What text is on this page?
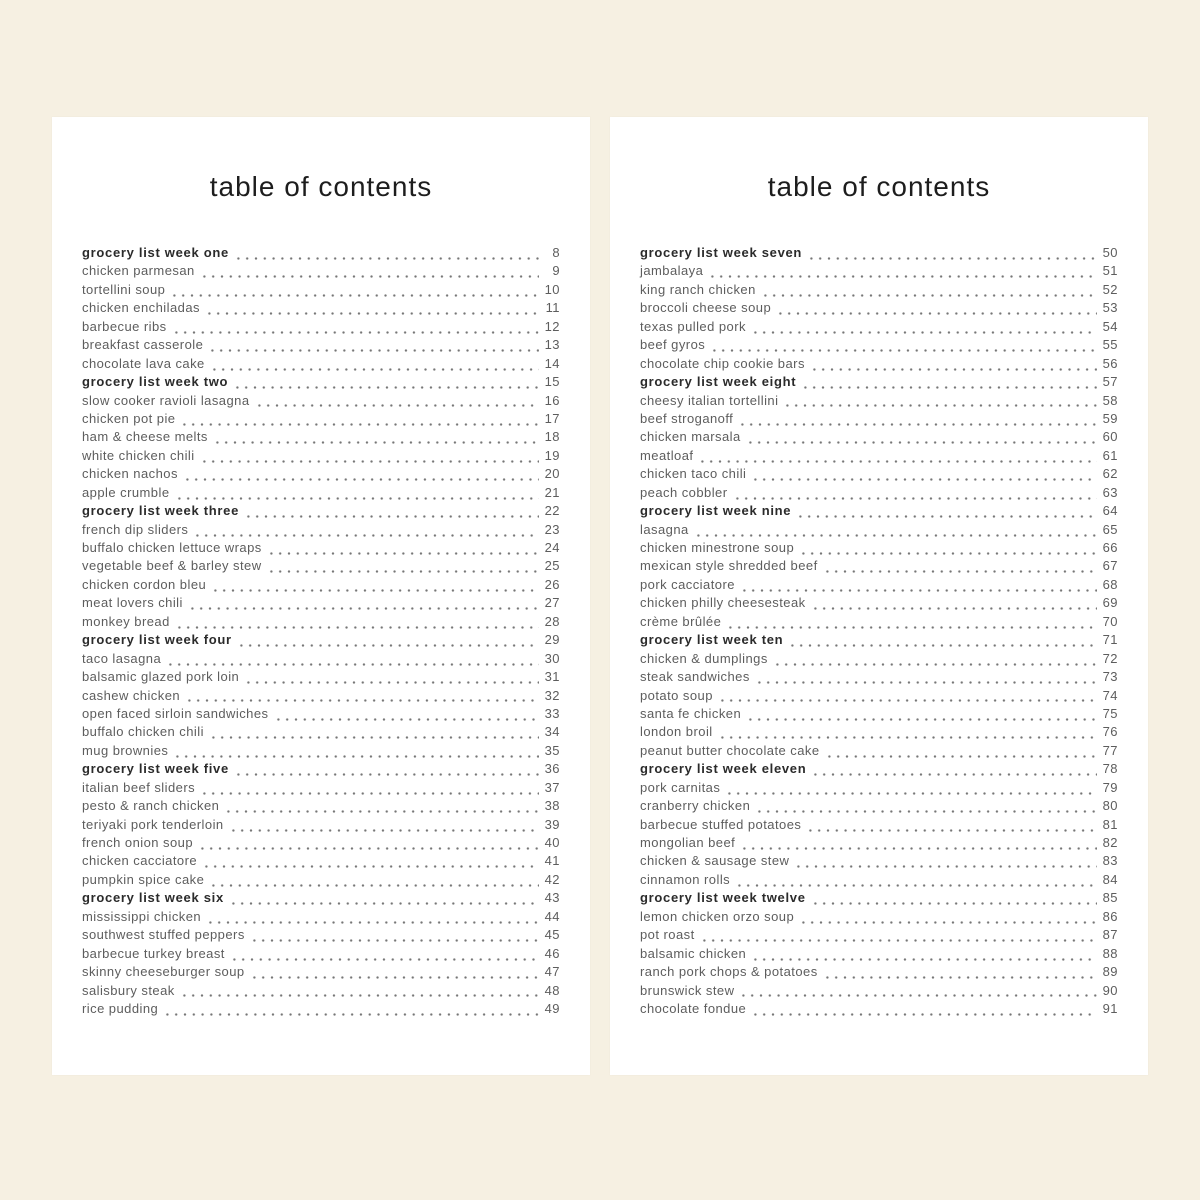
table of contents
grocery list week one	8
chicken parmesan	9
tortellini soup	10
chicken enchiladas	11
barbecue ribs	12
breakfast casserole	13
chocolate lava cake	14
grocery list week two	15
slow cooker ravioli lasagna	16
chicken pot pie	17
ham & cheese melts	18
white chicken chili	19
chicken nachos	20
apple crumble	21
grocery list week three	22
french dip sliders	23
buffalo chicken lettuce wraps	24
vegetable beef & barley stew	25
chicken cordon bleu	26
meat lovers chili	27
monkey bread	28
grocery list week four	29
taco lasagna	30
balsamic glazed pork loin	31
cashew chicken	32
open faced sirloin sandwiches	33
buffalo chicken chili	34
mug brownies	35
grocery list week five	36
italian beef sliders	37
pesto & ranch chicken	38
teriyaki pork tenderloin	39
french onion soup	40
chicken cacciatore	41
pumpkin spice cake	42
grocery list week six	43
mississippi chicken	44
southwest stuffed peppers	45
barbecue turkey breast	46
skinny cheeseburger soup	47
salisbury steak	48
rice pudding	49
table of contents
grocery list week seven	50
jambalaya	51
king ranch chicken	52
broccoli cheese soup	53
texas pulled pork	54
beef gyros	55
chocolate chip cookie bars	56
grocery list week eight	57
cheesy italian tortellini	58
beef stroganoff	59
chicken marsala	60
meatloaf	61
chicken taco chili	62
peach cobbler	63
grocery list week nine	64
lasagna	65
chicken minestrone soup	66
mexican style shredded beef	67
pork cacciatore	68
chicken philly cheesesteak	69
crème brûlée	70
grocery list week ten	71
chicken & dumplings	72
steak sandwiches	73
potato soup	74
santa fe chicken	75
london broil	76
peanut butter chocolate cake	77
grocery list week eleven	78
pork carnitas	79
cranberry chicken	80
barbecue stuffed potatoes	81
mongolian beef	82
chicken & sausage stew	83
cinnamon rolls	84
grocery list week twelve	85
lemon chicken orzo soup	86
pot roast	87
balsamic chicken	88
ranch pork chops & potatoes	89
brunswick stew	90
chocolate fondue	91
